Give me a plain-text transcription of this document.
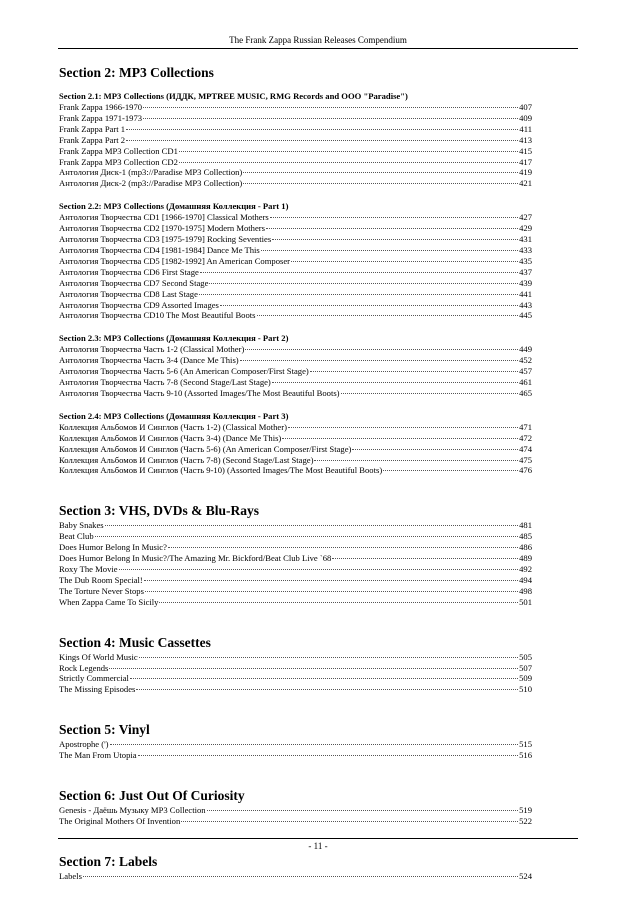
The Frank Zappa Russian Releases Compendium
Section 2: MP3 Collections
Section 2.1: MP3 Collections (ИДДК, MPTREE MUSIC, RMG Records and ООО "Paradise")
Frank Zappa 1966-1970	407
Frank Zappa 1971-1973	409
Frank Zappa Part 1	411
Frank Zappa Part 2	413
Frank Zappa MP3 Collection CD1	415
Frank Zappa MP3 Collection CD2	417
Антология Диск-1 (mp3://Paradise MP3 Collection)	419
Антология Диск-2 (mp3://Paradise MP3 Collection)	421
Section 2.2: MP3 Collections (Домашняя Коллекция - Part 1)
Антология Творчества CD1 [1966-1970] Classical Mothers	427
Антология Творчества CD2 [1970-1975] Modern Mothers	429
Антология Творчества CD3 [1975-1979] Rocking Seventies	431
Антология Творчества CD4 [1981-1984] Dance Me This	433
Антология Творчества CD5 [1982-1992] An American Composer	435
Антология Творчества CD6 First Stage	437
Антология Творчества CD7 Second Stage	439
Антология Творчества CD8 Last Stage	441
Антология Творчества CD9 Assorted Images	443
Антология Творчества CD10 The Most Beautiful Boots	445
Section 2.3: MP3 Collections (Домашняя Коллекция - Part 2)
Антология Творчества Часть 1-2 (Classical Mother)	449
Антология Творчества Часть 3-4 (Dance Me This)	452
Антология Творчества Часть 5-6 (An American Composer/First Stage)	457
Антология Творчества Часть 7-8 (Second Stage/Last Stage)	461
Антология Творчества Часть 9-10 (Assorted Images/The Most Beautiful Boots)	465
Section 2.4: MP3 Collections (Домашняя Коллекция - Part 3)
Коллекция Альбомов И Синглов (Часть 1-2) (Classical Mother)	471
Коллекция Альбомов И Синглов (Часть 3-4) (Dance Me This)	472
Коллекция Альбомов И Синглов (Часть 5-6) (An American Composer/First Stage)	474
Коллекция Альбомов И Синглов (Часть 7-8) (Second Stage/Last Stage)	475
Коллекция Альбомов И Синглов (Часть 9-10) (Assorted Images/The Most Beautiful Boots)	476
Section 3: VHS, DVDs & Blu-Rays
Baby Snakes	481
Beat Club	485
Does Humor Belong In Music?	486
Does Humor Belong In Music?/The Amazing Mr. Bickford/Beat Club Live `68	489
Roxy The Movie	492
The Dub Room Special!	494
The Torture Never Stops	498
When Zappa Came To Sicily	501
Section 4: Music Cassettes
Kings Of World Music	505
Rock Legends	507
Strictly Commercial	509
The Missing Episodes	510
Section 5: Vinyl
Apostrophe (')	515
The Man From Utopia	516
Section 6: Just Out Of Curiosity
Genesis - Даёшь Музыку MP3 Collection	519
The Original Mothers Of Invention	522
Section 7: Labels
Labels	524
- 11 -
